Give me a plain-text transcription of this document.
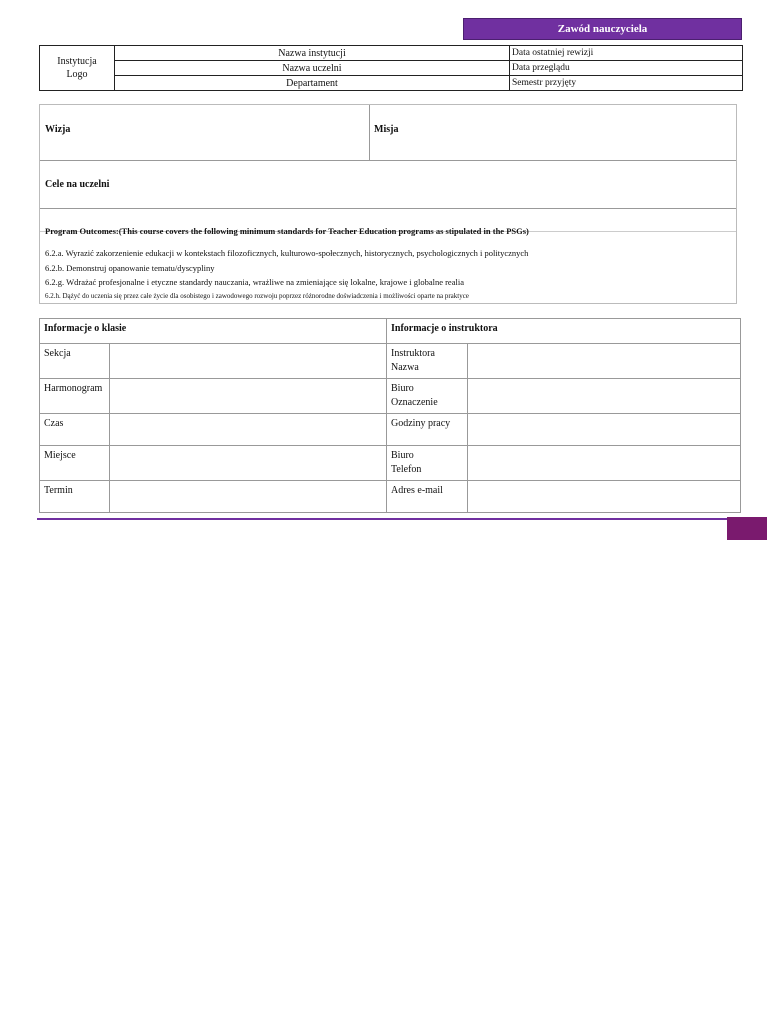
Zawód nauczyciela
Instytucja
Logo	Nazwa instytucji	Data ostatniej rewizji
	Nazwa uczelni	Data przeglądu
	Departament	Semestr przyjęty
Wizja	Misja
Cele na uczelni
Program Outcomes:(This course covers the following minimum standards for Teacher Education programs as stipulated in the PSGs)
6.2.a. Wyrazić zakorzenienie edukacji w kontekstach filozoficznych, kulturowo-społecznych, historycznych, psychologicznych i politycznych
6.2.b. Demonstruj opanowanie tematu/dyscypliny
6.2.g. Wdrażać profesjonalne i etyczne standardy nauczania, wrażliwe na zmieniające się lokalne, krajowe i globalne realia
6.2.h. Dążyć do uczenia się przez całe życie dla osobistego i zawodowego rozwoju poprzez różnorodne doświadczenia i możliwości oparte na praktyce
Informacje o klasie		Informacje o instruktora	
Sekcja		Instruktora
Nazwa	

Harmonogram		Biuro
Oznaczenie	

Czas		Godziny pracy	
Miejsce		Biuro
Telefon	

Termin		Adres e-mail	
